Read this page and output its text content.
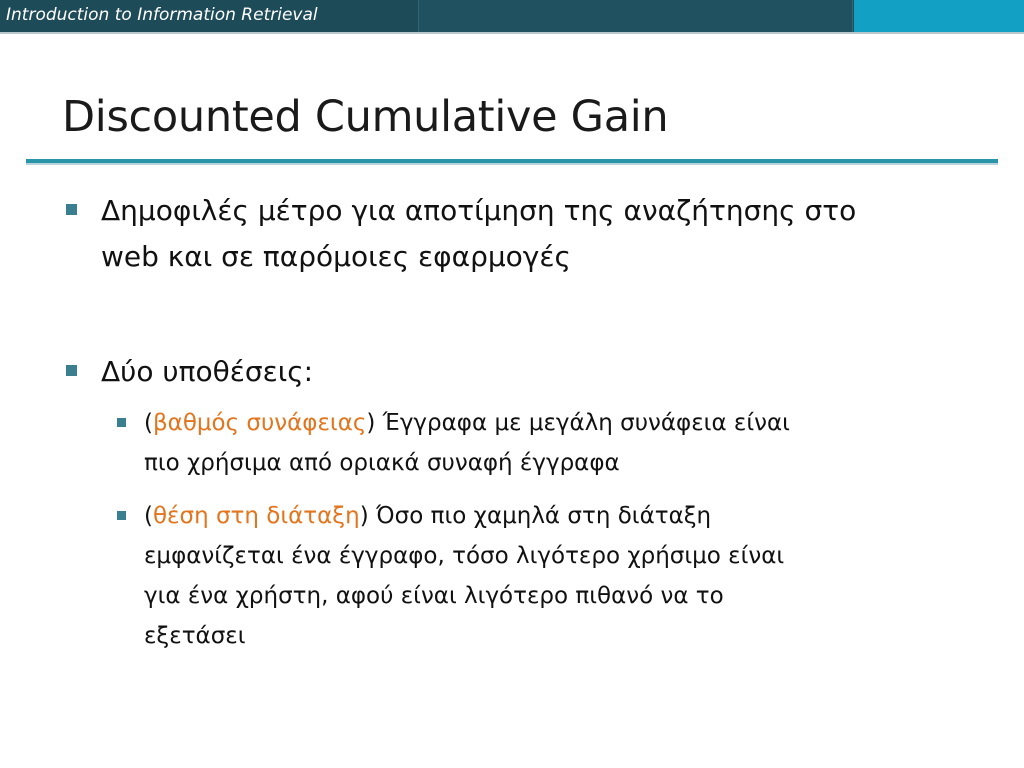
Introduction to Information Retrieval
Discounted Cumulative Gain
Δημοφιλές μέτρο για αποτίμηση της αναζήτησης στο
web και σε παρόμοιες εφαρμογές
Δύο υποθέσεις:
(βαθμός συνάφειας) Έγγραφα με μεγάλη συνάφεια είναι
πιο χρήσιμα από οριακά συναφή έγγραφα
(θέση στη διάταξη) Όσο πιο χαμηλά στη διάταξη
εμφανίζεται ένα έγγραφο, τόσο λιγότερο χρήσιμο είναι
για ένα χρήστη, αφού είναι λιγότερο πιθανό να το
εξετάσει
